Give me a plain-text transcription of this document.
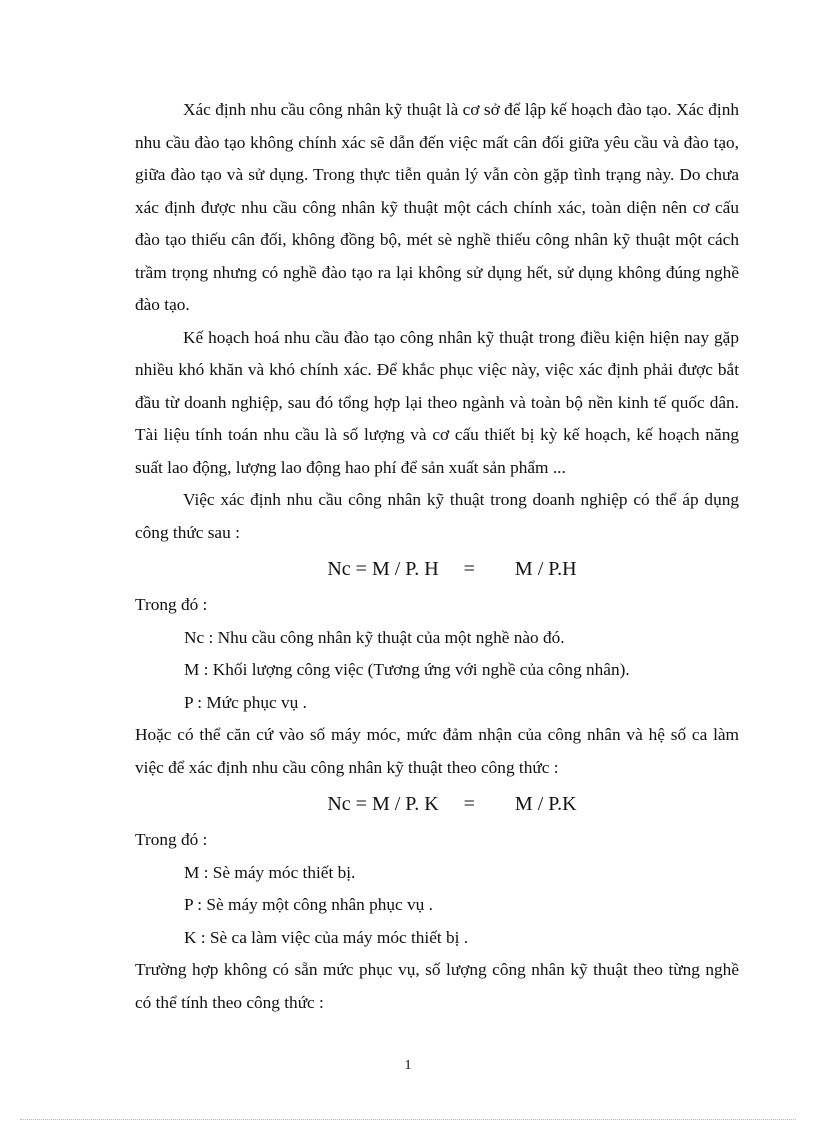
Xác định nhu cầu công nhân kỹ thuật là cơ sở để lập kế hoạch đào tạo. Xác định nhu cầu đào tạo không chính xác sẽ dẫn đến việc mất cân đối giữa yêu cầu và đào tạo, giữa đào tạo và sử dụng. Trong thực tiễn quản lý vẫn còn gặp tình trạng này. Do chưa xác định được nhu cầu công nhân kỹ thuật một cách chính xác, toàn diện nên cơ cấu đào tạo thiếu cân đối, không đồng bộ, mét sè nghề thiếu công nhân kỹ thuật một cách trầm trọng nhưng có nghề đào tạo ra lại không sử dụng hết, sử dụng không đúng nghề đào tạo.

Kế hoạch hoá nhu cầu đào tạo công nhân kỹ thuật trong điều kiện hiện nay gặp nhiều khó khăn và khó chính xác. Để khắc phục việc này, việc xác định phải được bắt đầu từ doanh nghiệp, sau đó tổng hợp lại theo ngành và toàn bộ nền kinh tế quốc dân. Tài liệu tính toán nhu cầu là số lượng và cơ cấu thiết bị kỳ kế hoạch, kế hoạch năng suất lao động, lượng lao động hao phí để sản xuất sản phẩm ...

Việc xác định nhu cầu công nhân kỹ thuật trong doanh nghiệp có thể áp dụng công thức sau :

Nc = M / P. H     =        M / P.H

Trong đó :

Nc : Nhu cầu công nhân kỹ thuật của một nghề nào đó.

M : Khối lượng công việc (Tương ứng với nghề của công nhân).

P : Mức phục vụ .

Hoặc có thể căn cứ vào số máy móc, mức đảm nhận của công nhân và hệ số ca làm việc để xác định nhu cầu công nhân kỹ thuật theo công thức :

Nc = M / P. K     =        M / P.K

Trong đó :

M : Sè máy móc thiết bị.

P : Sè máy một công nhân phục vụ .

K : Sè ca làm việc của máy móc thiết bị .

Trường hợp không có sẵn mức phục vụ, số lượng công nhân kỹ thuật theo từng nghề có thể tính theo công thức :

1
